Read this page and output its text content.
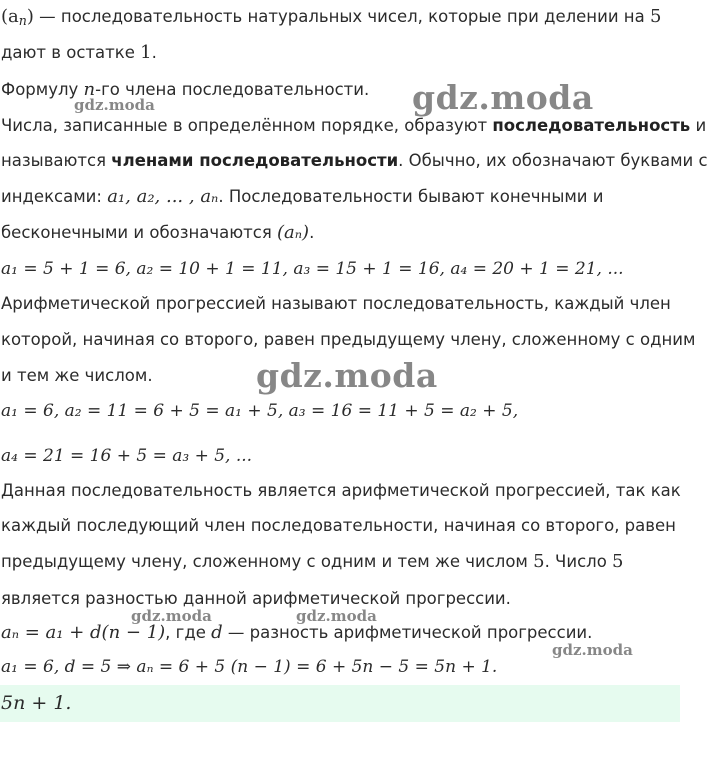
$(a_n)$ — последовательность натуральных чисел, которые при делении на 5
дают в остатке 1.
Формулу n-го члена последовательности.
Числа, записанные в определённом порядке, образуют последовательность и
называются членами последовательности. Обычно, их обозначают буквами с
индексами: a₁, a₂, ... , aₙ. Последовательности бывают конечными и
бесконечными и обозначаются (aₙ).
a₁ = 5 + 1 = 6, a₂ = 10 + 1 = 11, a₃ = 15 + 1 = 16, a₄ = 20 + 1 = 21, ...
Арифметической прогрессией называют последовательность, каждый член
которой, начиная со второго, равен предыдущему члену, сложенному с одним
и тем же числом.
a₁ = 6, a₂ = 11 = 6 + 5 = a₁ + 5, a₃ = 16 = 11 + 5 = a₂ + 5,
a₄ = 21 = 16 + 5 = a₃ + 5, ...
Данная последовательность является арифметической прогрессией, так как
каждый последующий член последовательности, начиная со второго, равен
предыдущему члену, сложенному с одним и тем же числом 5. Число 5
является разностью данной арифметической прогрессии.
aₙ = a₁ + d(n − 1), где d — разность арифметической прогрессии.
a₁ = 6, d = 5 ⇒ aₙ = 6 + 5 (n − 1) = 6 + 5n − 5 = 5n + 1.
5n + 1.
gdz.moda
gdz.moda
gdz.moda
gdz.moda	gdz.moda
gdz.moda
